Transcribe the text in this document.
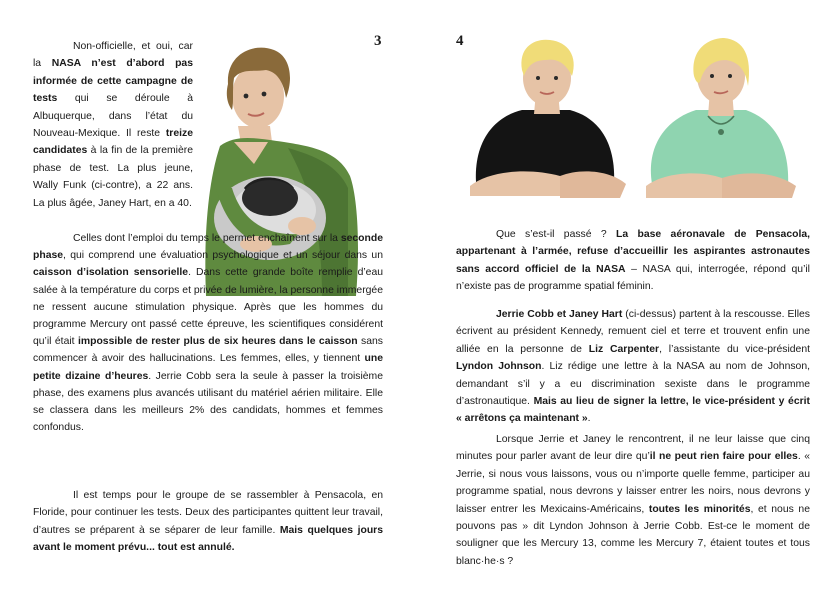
3

Non-officielle, et oui, car la NASA n’est d’abord pas informée de cette campagne de tests qui se déroule à Albuquerque, dans l’état du Nouveau-Mexique. Il reste treize candidates à la fin de la première phase de test. La plus jeune, Wally Funk (ci-contre), a 22 ans. La plus âgée, Janey Hart, en a 40.

Celles dont l’emploi du temps le permet enchaînent sur la seconde phase, qui comprend une évaluation psychologique et un séjour dans un caisson d’isolation sensorielle. Dans cette grande boîte remplie d’eau salée à la température du corps et privée de lumière, la personne immergée ne ressent aucune stimulation physique. Après que les hommes du programme Mercury ont passé cette épreuve, les scientifiques considérent qu’il était impossible de rester plus de six heures dans le caisson sans commencer à avoir des hallucinations. Les femmes, elles, y tiennent une petite dizaine d’heures. Jerrie Cobb sera la seule à passer la troisième phase, des examens plus avancés utilisant du matériel aérien militaire. Elle se classera dans les meilleurs 2% des candidats, hommes et femmes confondus.

Il est temps pour le groupe de se rassembler à Pensacola, en Floride, pour continuer les tests. Deux des participantes quittent leur travail, d’autres se préparent à se séparer de leur famille. Mais quelques jours avant le moment prévu... tout est annulé.

4

Que s’est-il passé ? La base aéronavale de Pensacola, appartenant à l’armée, refuse d’accueillir les aspirantes astronautes sans accord officiel de la NASA – NASA qui, interrogée, répond qu’il n’existe pas de programme spatial féminin.

Jerrie Cobb et Janey Hart (ci-dessus) partent à la rescousse. Elles écrivent au président Kennedy, remuent ciel et terre et trouvent enfin une alliée en la personne de Liz Carpenter, l’assistante du vice-président Lyndon Johnson. Liz rédige une lettre à la NASA au nom de Johnson, demandant s’il y a eu discrimination sexiste dans le programme d’astronautique. Mais au lieu de signer la lettre, le vice-président y écrit « arrêtons ça maintenant ».

Lorsque Jerrie et Janey le rencontrent, il ne leur laisse que cinq minutes pour parler avant de leur dire qu’il ne peut rien faire pour elles. « Jerrie, si nous vous laissons, vous ou n’importe quelle femme, participer au programme spatial, nous devrons y laisser entrer les noirs, nous devrons y laisser entrer les Mexicains-Américains, toutes les minorités, et nous ne pouvons pas » dit Lyndon Johnson à Jerrie Cobb. Est-ce le moment de souligner que les Mercury 13, comme les Mercury 7, étaient toutes et tous blanc·he·s ?
